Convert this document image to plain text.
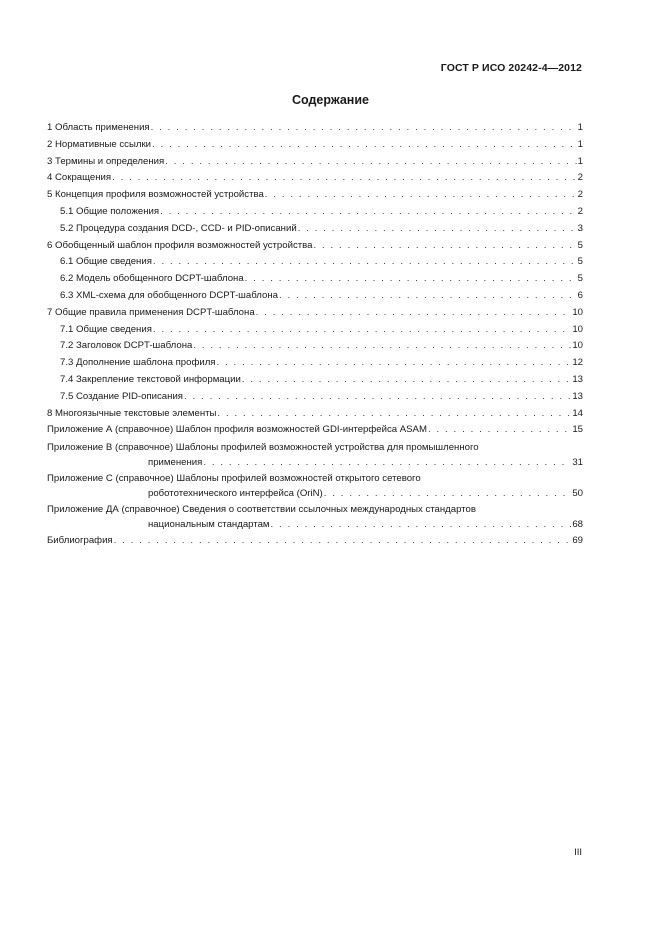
ГОСТ Р ИСО 20242-4—2012
Содержание
1 Область применения . . .	1
2 Нормативные ссылки . . .	1
3 Термины и определения . . .	1
4 Сокращения . . .	2
5 Концепция профиля возможностей устройства . . .	2
5.1 Общие положения . . .	2
5.2 Процедура создания DCD-, CCD- и PID-описаний . . .	3
6 Обобщенный шаблон профиля возможностей устройства . . .	5
6.1 Общие сведения . . .	5
6.2 Модель обобщенного DCPT-шаблона . . .	5
6.3 XML-схема для обобщенного DCPT-шаблона . . .	6
7 Общие правила применения DCPT-шаблона . . .	10
7.1 Общие сведения . . .	10
7.2 Заголовок DCPT-шаблона . . .	10
7.3 Дополнение шаблона профиля . . .	12
7.4 Закрепление текстовой информации . . .	13
7.5 Создание PID-описания . . .	13
8 Многоязычные текстовые элементы . . .	14
Приложение А (справочное) Шаблон профиля возможностей GDI-интерфейса ASAM . . .	15
Приложение В (справочное) Шаблоны профилей возможностей устройства для промышленного
применения . . .	31
Приложение С (справочное) Шаблоны профилей возможностей открытого сетевого
робототехнического интерфейса (OriN) . . .	50
Приложение ДА (справочное) Сведения о соответствии ссылочных международных стандартов
национальным стандартам . . .	68
Библиография . . .	69
III
